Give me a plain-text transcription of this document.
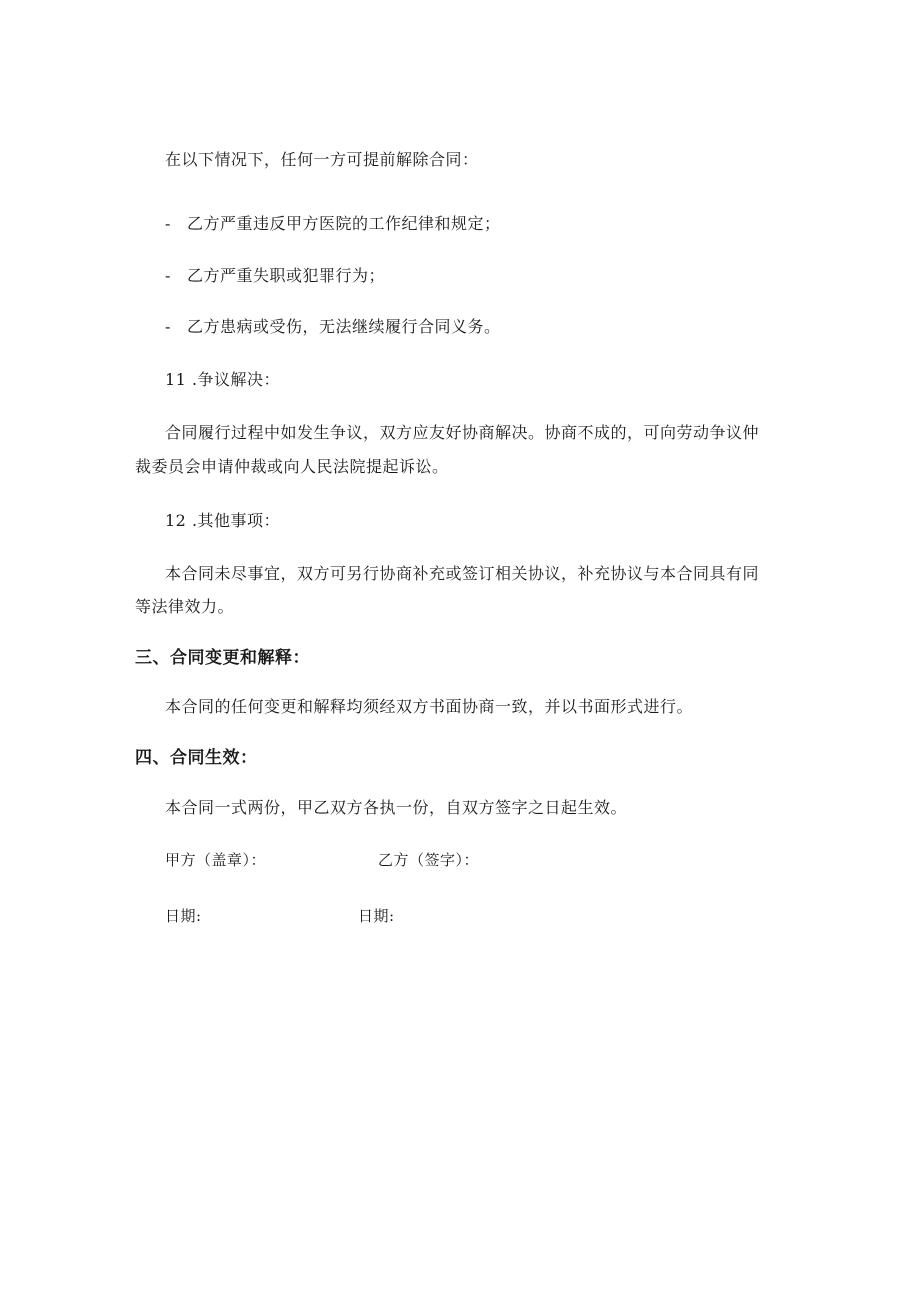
在以下情况下，任何一方可提前解除合同：
- 乙方严重违反甲方医院的工作纪律和规定；
- 乙方严重失职或犯罪行为；
- 乙方患病或受伤，无法继续履行合同义务。
11 .争议解决：
合同履行过程中如发生争议，双方应友好协商解决。协商不成的，可向劳动争议仲
裁委员会申请仲裁或向人民法院提起诉讼。
12 .其他事项：
本合同未尽事宜，双方可另行协商补充或签订相关协议，补充协议与本合同具有同
等法律效力。
三、合同变更和解释：
本合同的任何变更和解释均须经双方书面协商一致，并以书面形式进行。
四、合同生效：
本合同一式两份，甲乙双方各执一份，自双方签字之日起生效。
甲方（盖章）：	乙方（签字）：
日期:	日期:
